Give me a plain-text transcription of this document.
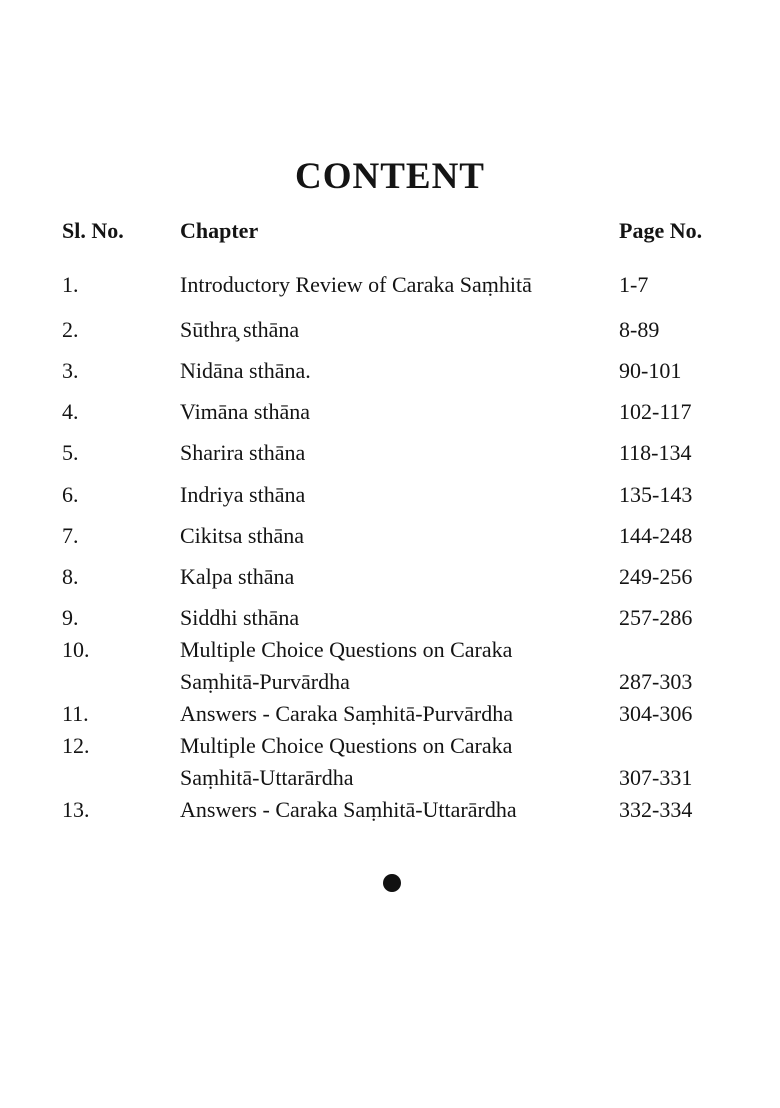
CONTENT
Sl. No.	Chapter	Page No.
1.	Introductory Review of Caraka Saṃhitā	1-7
2.	Sūthra̧ sthāna	8-89
3.	Nidāna sthāna.	90-101
4.	Vimāna sthāna	102-117
5.	Sharira sthāna	118-134
6.	Indriya sthāna	135-143
7.	Cikitsa sthāna	144-248
8.	Kalpa sthāna	249-256
9.	Siddhi sthāna	257-286
10.	Multiple Choice Questions on Caraka
Saṃhitā-Purvārdha	287-303
11.	Answers - Caraka Saṃhitā-Purvārdha	304-306
12.	Multiple Choice Questions on Caraka
Saṃhitā-Uttarārdha	307-331
13.	Answers - Caraka Saṃhitā-Uttarārdha	332-334
